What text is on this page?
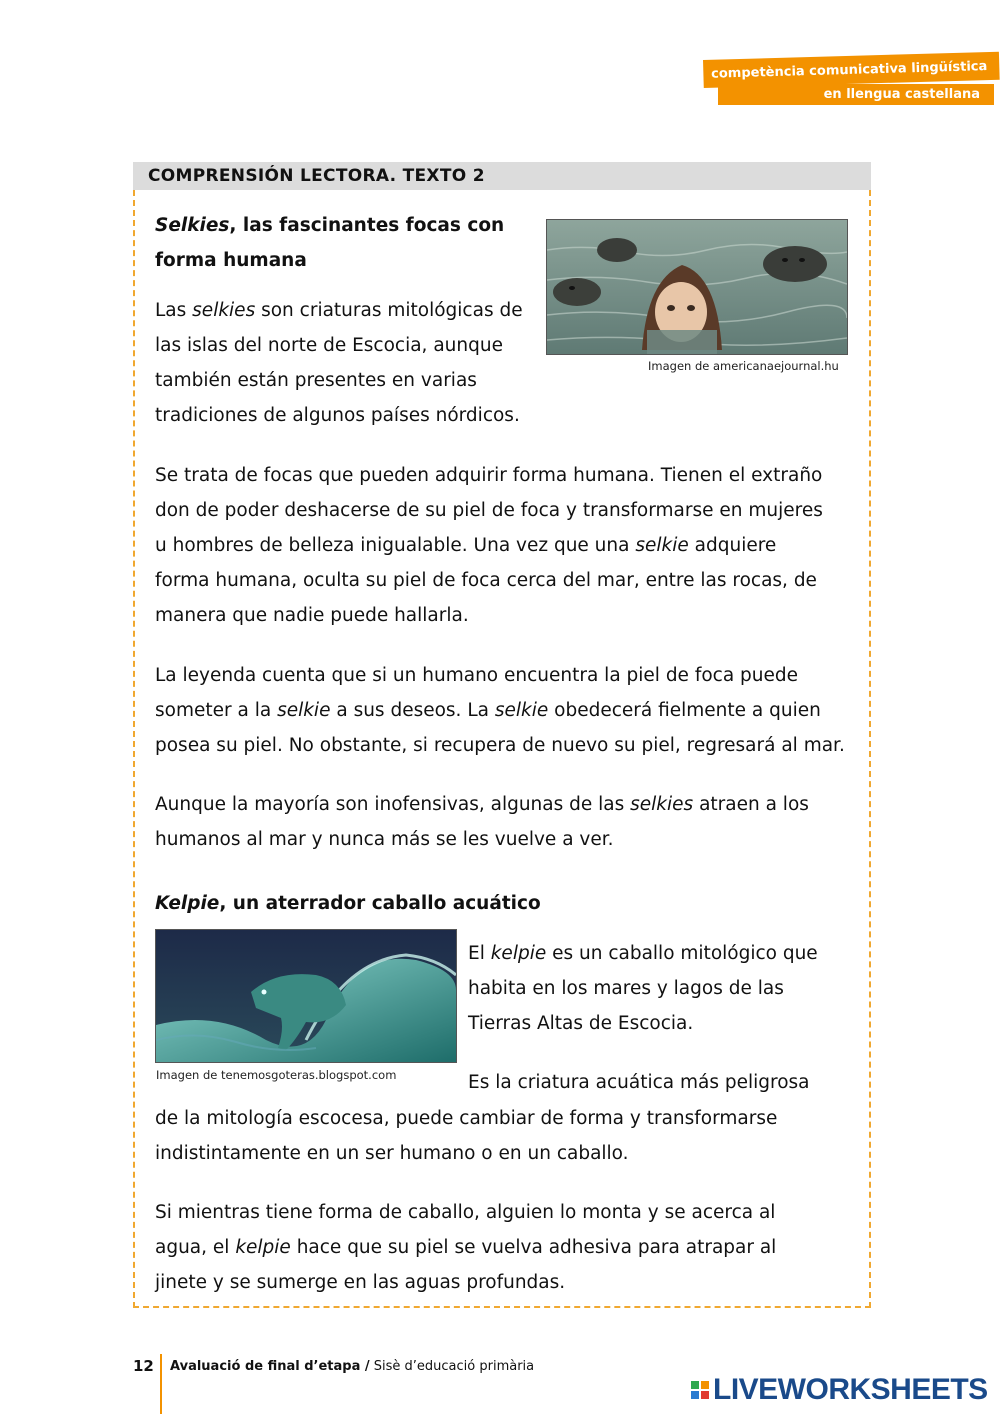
competència comunicativa lingüística
en llengua castellana
COMPRENSIÓN LECTORA. TEXTO 2

Selkies, las fascinantes focas con

forma humana

Imagen de americanaejournal.hu

Las selkies son criaturas mitológicas de

las islas del norte de Escocia, aunque

también están presentes en varias

tradiciones de algunos países nórdicos.

Se trata de focas que pueden adquirir forma humana. Tienen el extraño

don de poder deshacerse de su piel de foca y transformarse en mujeres

u hombres de belleza inigualable. Una vez que una selkie adquiere

forma humana, oculta su piel de foca cerca del mar, entre las rocas, de

manera que nadie puede hallarla.

La leyenda cuenta que si un humano encuentra la piel de foca puede

someter a la selkie a sus deseos. La selkie obedecerá fielmente a quien

posea su piel. No obstante, si recupera de nuevo su piel, regresará al mar.

Aunque la mayoría son inofensivas, algunas de las selkies atraen a los

humanos al mar y nunca más se les vuelve a ver.

Kelpie, un aterrador caballo acuático

Imagen de tenemosgoteras.blogspot.com

El kelpie es un caballo mitológico que

habita en los mares y lagos de las

Tierras Altas de Escocia.

Es la criatura acuática más peligrosa

de la mitología escocesa, puede cambiar de forma y transformarse

indistintamente en un ser humano o en un caballo.

Si mientras tiene forma de caballo, alguien lo monta y se acerca al

agua, el kelpie hace que su piel se vuelva adhesiva para atrapar al

jinete y se sumerge en las aguas profundas.

12 Avaluació de final d’etapa / Sisè d’educació primària
LIVEWORKSHEETS
